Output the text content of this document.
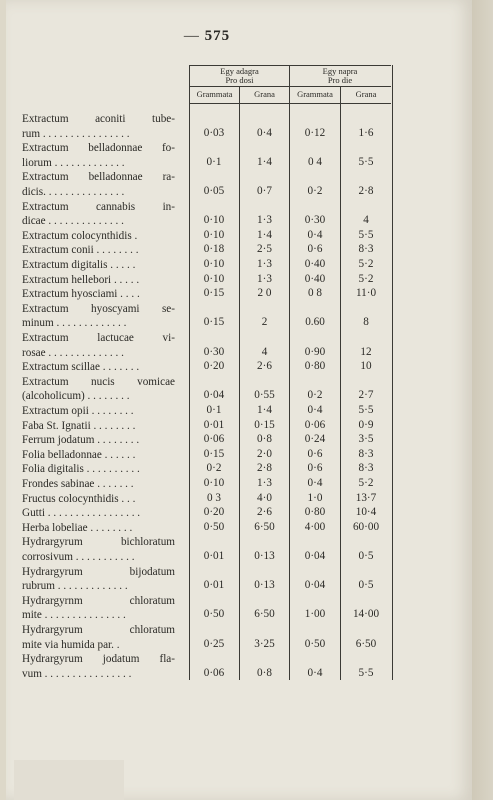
— 575
Egy adagra
Pro dosi
Egy napra
Pro die
Grammata	Grana	Grammata	Grana
Extractum aconiti tube-
rum . . . . . . . . . . . . . . . .	0·03	0·4	0·12	1·6
Extractum belladonnae fo-
liorum . . . . . . . . . . . . .	0·1	1·4	0 4	5·5
Extractum belladonnae ra-
dicis. . . . . . . . . . . . . . .	0·05	0·7	0·2	2·8
Extractum cannabis in-
dicae . . . . . . . . . . . . . .	0·10	1·3	0·30	4
Extractum colocynthidis .	0·10	1·4	0·4	5·5
Extractum conii . . . . . . . .	0·18	2·5	0·6	8·3
Extractum digitalis . . . . .	0·10	1·3	0·40	5·2
Extractum hellebori . . . . .	0·10	1·3	0·40	5·2
Extractum hyosciami . . . .	0·15	2 0	0 8	11·0
Extractum hyoscyami se-
minum . . . . . . . . . . . . .	0·15	2	0.60	8
Extractum lactucae vi-
rosae . . . . . . . . . . . . . .	0·30	4	0·90	12
Extractum scillae . . . . . . .	0·20	2·6	0·80	10
Extractum nucis vomicae
(alcoholicum) . . . . . . . .	0·04	0·55	0·2	2·7
Extractum opii . . . . . . . .	0·1	1·4	0·4	5·5
Faba St. Ignatii . . . . . . . .	0·01	0·15	0·06	0·9
Ferrum jodatum . . . . . . . .	0·06	0·8	0·24	3·5
Folia belladonnae . . . . . .	0·15	2·0	0·6	8·3
Folia digitalis . . . . . . . . . .	0·2	2·8	0·6	8·3
Frondes sabinae . . . . . . .	0·10	1·3	0·4	5·2
Fructus colocynthidis . . .	0 3	4·0	1·0	13·7
Gutti . . . . . . . . . . . . . . . . .	0·20	2·6	0·80	10·4
Herba lobeliae . . . . . . . .	0·50	6·50	4·00	60·00
Hydrargyrum bichloratum
corrosivum . . . . . . . . . . .	0·01	0·13	0·04	0·5
Hydrargyrum bijodatum
rubrum . . . . . . . . . . . . .	0·01	0·13	0·04	0·5
Hydrargyrnm chloratum
mite . . . . . . . . . . . . . . .	0·50	6·50	1·00	14·00
Hydrargyrum chloratum
mite via humida par. .	0·25	3·25	0·50	6·50
Hydrargyrum jodatum fla-
vum . . . . . . . . . . . . . . . .	0·06	0·8	0·4	5·5
